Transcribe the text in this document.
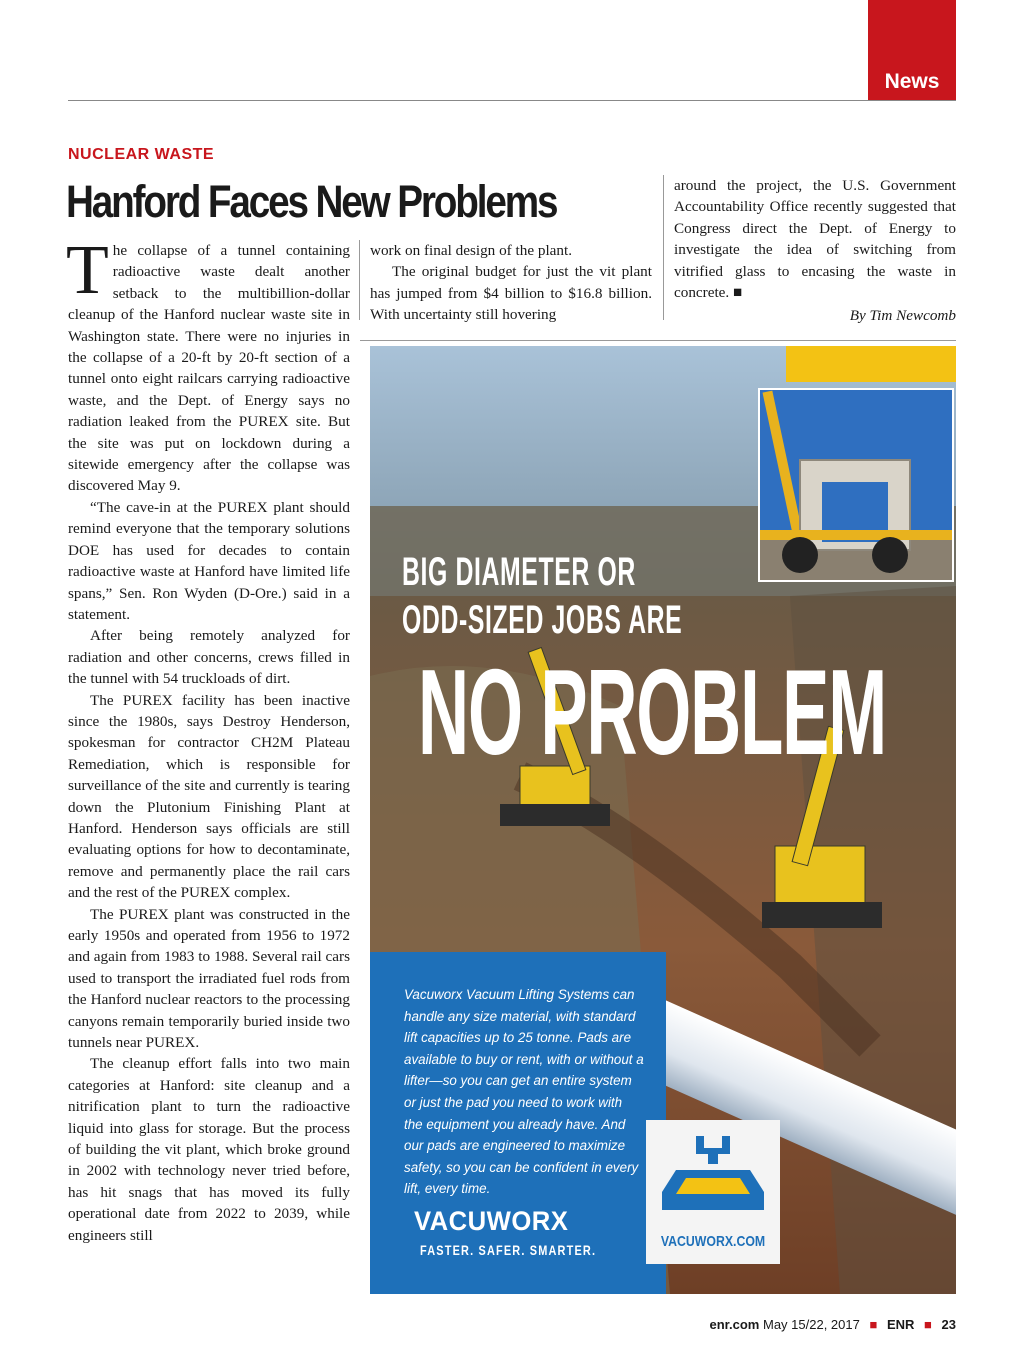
News
NUCLEAR WASTE
Hanford Faces New Problems

The collapse of a tunnel containing radioactive waste dealt another setback to the multibillion-dollar cleanup of the Hanford nuclear waste site in Washington state. There were no injuries in the collapse of a 20-ft by 20-ft section of a tunnel onto eight railcars carrying radioactive waste, and the Dept. of Energy says no radiation leaked from the PUREX site. But the site was put on lockdown during a sitewide emergency after the collapse was discovered May 9.

“The cave-in at the PUREX plant should remind everyone that the temporary solutions DOE has used for decades to contain radioactive waste at Hanford have limited life spans,” Sen. Ron Wyden (D-Ore.) said in a statement.

After being remotely analyzed for radiation and other concerns, crews filled in the tunnel with 54 truckloads of dirt.

The PUREX facility has been inactive since the 1980s, says Destroy Henderson, spokesman for contractor CH2M Plateau Remediation, which is responsible for surveillance of the site and currently is tearing down the Plutonium Finishing Plant at Hanford. Henderson says officials are still evaluating options for how to decontaminate, remove and permanently place the rail cars and the rest of the PUREX complex.

The PUREX plant was constructed in the early 1950s and operated from 1956 to 1972 and again from 1983 to 1988. Several rail cars used to transport the irradiated fuel rods from the Hanford nuclear reactors to the processing canyons remain temporarily buried inside two tunnels near PUREX.

The cleanup effort falls into two main categories at Hanford: site cleanup and a nitrification plant to turn the radioactive liquid into glass for storage. But the process of building the vit plant, which broke ground in 2002 with technology never tried before, has hit snags that has moved its fully operational date from 2022 to 2039, while engineers still

work on final design of the plant.

The original budget for just the vit plant has jumped from $4 billion to $16.8 billion. With uncertainty still hovering

around the project, the U.S. Government Accountability Office recently suggested that Congress direct the Dept. of Energy to investigate the idea of switching from vitrified glass to encasing the waste in concrete. ■

By Tim Newcomb
BIG DIAMETER OR
ODD-SIZED JOBS ARE
NO PROBLEM
Vacuworx Vacuum Lifting Systems can handle any size material, with standard lift capacities up to 25 tonne. Pads are available to buy or rent, with or without a lifter—so you can get an entire system or just the pad you need to work with the equipment you already have. And our pads are engineered to maximize safety, so you can be confident in every lift, every time.
VACUWORX
FASTER. SAFER. SMARTER.	VACUWORX.COM
enr.com May 15/22, 2017 ■ ENR ■ 23
